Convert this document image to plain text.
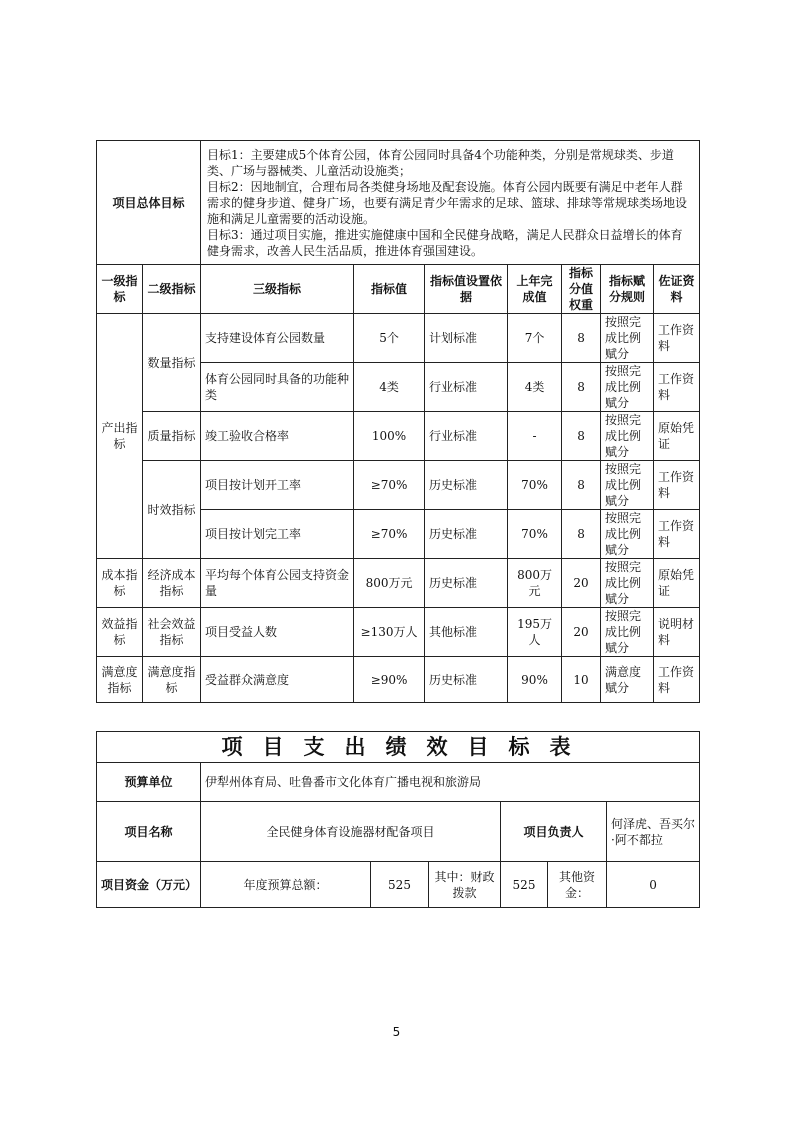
项目总体目标		目标1：主要建成5个体育公园，体育公园同时具备4个功能种类，分别是常规球类、步道类、广场与器械类、儿童活动设施类；
目标2：因地制宜，合理布局各类健身场地及配套设施。体育公园内既要有满足中老年人群需求的健身步道、健身广场，也要有满足青少年需求的足球、篮球、排球等常规球类场地设施和满足儿童需要的活动设施。
目标3：通过项目实施，推进实施健康中国和全民健身战略，满足人民群众日益增长的体育健身需求，改善人民生活品质，推进体育强国建设。						

一级指标	二级指标	三级指标	指标值	指标值设置依据	上年完成值	指标分值权重	指标赋分规则	佐证资料
产出指标	数量指标	支持建设体育公园数量	5个	计划标准	7个	8	按照完成比例赋分	工作资料
		体育公园同时具备的功能种类	4类	行业标准	4类	8	按照完成比例赋分	工作资料
	质量指标	竣工验收合格率	100%	行业标准	-	8	按照完成比例赋分	原始凭证
	时效指标	项目按计划开工率	≥70%	历史标准	70%	8	按照完成比例赋分	工作资料
		项目按计划完工率	≥70%	历史标准	70%	8	按照完成比例赋分	工作资料
成本指标	经济成本指标	平均每个体育公园支持资金量	800万元	历史标准	800万元	20	按照完成比例赋分	原始凭证
效益指标	社会效益指标	项目受益人数	≥130万人	其他标准	195万人	20	按照完成比例赋分	说明材料
满意度指标	满意度指标	受益群众满意度	≥90%	历史标准	90%	10	满意度赋分	工作资料
项目支出绩效目标表						
预算单位	伊犁州体育局、吐鲁番市文化体育广播电视和旅游局					
项目名称	全民健身体育设施器材配备项目			项目负责人		何泽虎、吾买尔·阿不都拉
项目资金（万元）	年度预算总额：	525	其中：财政拨款	525	其他资金：	0
5
